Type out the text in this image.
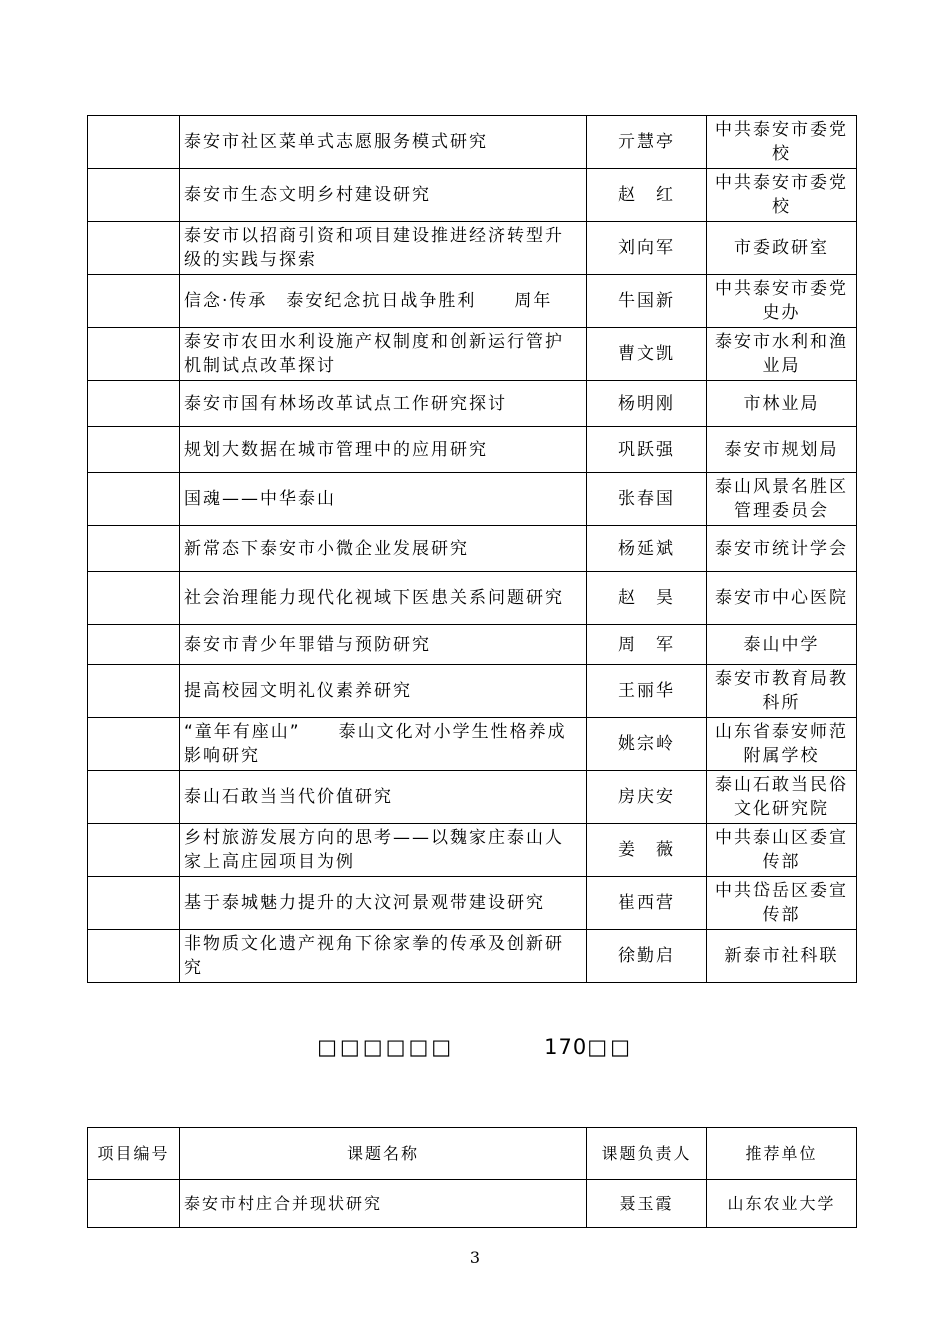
	泰安市社区菜单式志愿服务模式研究	亓慧亭	中共泰安市委党校
	泰安市生态文明乡村建设研究	赵　红	中共泰安市委党校
	泰安市以招商引资和项目建设推进经济转型升级的实践与探索	刘向军	市委政研室
	信念·传承　泰安纪念抗日战争胜利　　周年	牛国新	中共泰安市委党史办
	泰安市农田水利设施产权制度和创新运行管护机制试点改革探讨	曹文凯	泰安市水利和渔业局
	泰安市国有林场改革试点工作研究探讨	杨明刚	市林业局
	规划大数据在城市管理中的应用研究	巩跃强	泰安市规划局
	国魂——中华泰山	张春国	泰山风景名胜区管理委员会
	新常态下泰安市小微企业发展研究	杨延斌	泰安市统计学会
	社会治理能力现代化视域下医患关系问题研究	赵　昊	泰安市中心医院
	泰安市青少年罪错与预防研究	周　军	泰山中学
	提高校园文明礼仪素养研究	王丽华	泰安市教育局教科所
	“童年有座山”　　泰山文化对小学生性格养成影响研究	姚宗岭	山东省泰安师范附属学校
	泰山石敢当当代价值研究	房庆安	泰山石敢当民俗文化研究院
	乡村旅游发展方向的思考——以魏家庄泰山人家上高庄园项目为例	姜　薇	中共泰山区委宣传部
	基于泰城魅力提升的大汶河景观带建设研究	崔西营	中共岱岳区委宣传部
	非物质文化遗产视角下徐家拳的传承及创新研究	徐勤启	新泰市社科联
□□□□□□	170□□
项目编号	课题名称	课题负责人	推荐单位
	泰安市村庄合并现状研究	聂玉霞	山东农业大学
3
